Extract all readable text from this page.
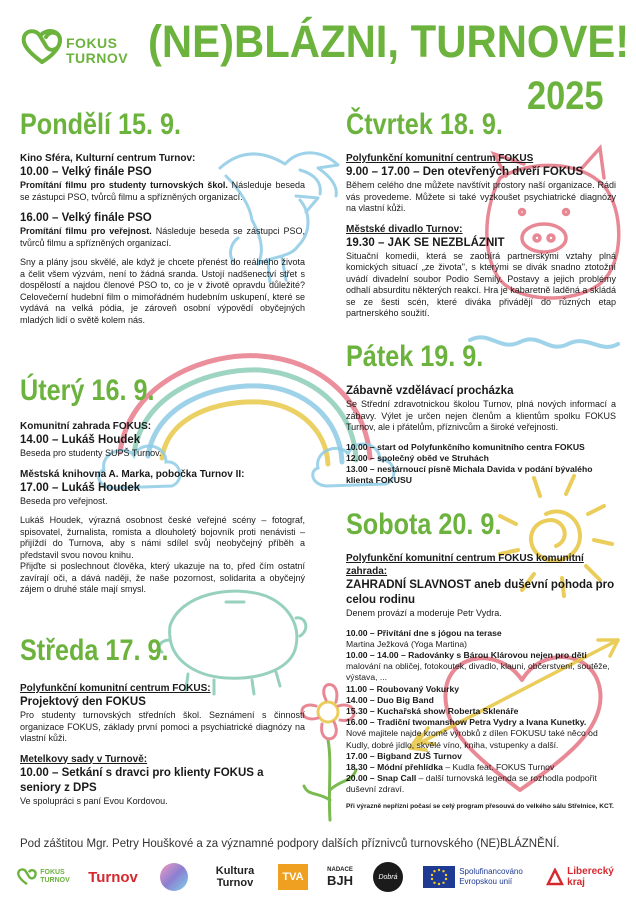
FOKUS
TURNOV (NE)BLÁZNI, TURNOVE!
2025
Pondělí 15. 9.
Kino Sféra, Kulturní centrum Turnov:
10.00 – Velký finále PSO
Promítání filmu pro studenty turnovských škol. Následuje beseda se zástupci PSO, tvůrců filmu a spřízněných organizací.
16.00 – Velký finále PSO
Promítání filmu pro veřejnost. Následuje beseda se zástupci PSO, tvůrců filmu a spřízněných organizací.
Sny a plány jsou skvělé, ale když je chcete přenést do reálného života a čelit všem výzvám, není to žádná sranda. Ustojí nadšenectví střet s dospělostí a najdou členové PSO to, co je v životě opravdu důležité? Celovečerní hudební film o mimořádném hudebním uskupení, které se vydává na velká pódia, je zároveň osobní výpovědí obyčejných mladých lidí o světě kolem nás.
Úterý 16. 9.
Komunitní zahrada FOKUS:
14.00 – Lukáš Houdek
Beseda pro studenty SUPŠ Turnov.
Městská knihovna A. Marka, pobočka Turnov II:
17.00 – Lukáš Houdek
Beseda pro veřejnost.
Lukáš Houdek, výrazná osobnost české veřejné scény – fotograf, spisovatel, žurnalista, romista a dlouholetý bojovník proti nenávisti – přijíždí do Turnova, aby s námi sdílel svůj neobyčejný příběh a představil svou novou knihu.
Přijďte si poslechnout člověka, který ukazuje na to, před čím ostatní zavírají oči, a dává naději, že naše pozornost, solidarita a obyčejný zájem o druhé stále mají smysl.
Středa 17. 9.
Polyfunkční komunitní centrum FOKUS:
Projektový den FOKUS
Pro studenty turnovských středních škol. Seznámení s činností organizace FOKUS, základy první pomoci a psychiatrické diagnózy na vlastní kůži.
Metelkovy sady v Turnově:
10.00 – Setkání s dravci pro klienty FOKUS a seniory z DPS
Ve spolupráci s paní Evou Kordovou.
Čtvrtek 18. 9.
Polyfunkční komunitní centrum FOKUS
9.00 – 17.00 – Den otevřených dveří FOKUS
Během celého dne můžete navštívit prostory naší organizace. Rádi vás provedeme. Můžete si také vyzkoušet psychiatrické diagnózy na vlastní kůži.
Městské divadlo Turnov:
19.30 – JAK SE NEZBLÁZNIT
Situační komedii, která se zaobírá partnerskými vztahy plná komických situací „ze života", s kterými se divák snadno ztotožní uvádí divadelní soubor Podio Semily. Postavy a jejich problémy odhalí absurditu některých reakcí. Hra je kabaretně laděná a skládá se ze šesti scén, které diváka přivádějí do různých etap partnerského soužití.
Pátek 19. 9.
Zábavně vzdělávací procházka
Se Střední zdravotnickou školou Turnov, plná nových informací a zábavy. Výlet je určen nejen členům a klientům spolku FOKUS Turnov, ale i přátelům, příznivcům a široké veřejnosti.
10.00 – start od Polyfunkčního komunitního centra FOKUS
12.00 – společný oběd ve Struhách
13.00 – nestárnoucí písně Michala Davida v podání bývalého klienta FOKUSU
Sobota 20. 9.
Polyfunkční komunitní centrum FOKUS komunitní zahrada:
ZAHRADNÍ SLAVNOST aneb duševní pohoda pro celou rodinu
Denem provází a moderuje Petr Vydra.
10.00 – Přivítání dne s jógou na terase
Martina Ježková (Yoga Martina)
10.00 – 14.00 – Radovánky s Bárou Klárovou nejen pro děti
malování na obličej, fotokoutek, divadlo, klauni, občerstvení, soutěže, výstava, ...
11.00 – Roubovaný Vokurky
14.00 – Duo Big Band
15.30 – Kuchařská show Roberta Sklenáře
16.00 – Tradiční twomanshow Petra Vydry a Ivana Kunetky.
Nové majitele najde kromě výrobků z dílen FOKUSU také něco od Kudly, dobré jídlo, skvělé víno, kniha, vstupenky a další.
17.00 – Bigband ZUŠ Turnov
18.30 – Módní přehlídka – Kudla feat. FOKUS Turnov
20.00 – Snap Call – další turnovská legenda se rozhodla podpořit duševní zdraví.
Při výrazně nepřízni počasí se celý program přesouvá do velkého sálu Střelnice, KCT.
Pod záštitou Mgr. Petry Houškové a za významné podpory dalších příznivců turnovského (NE)BLÁZNĚNÍ.
FOKUS
TURNOV	Turnov	Kultura
Turnov	TVA
NADACE
BJH	Dobrá
Spolufinancováno
Evropskou unií
Liberecký
kraj
